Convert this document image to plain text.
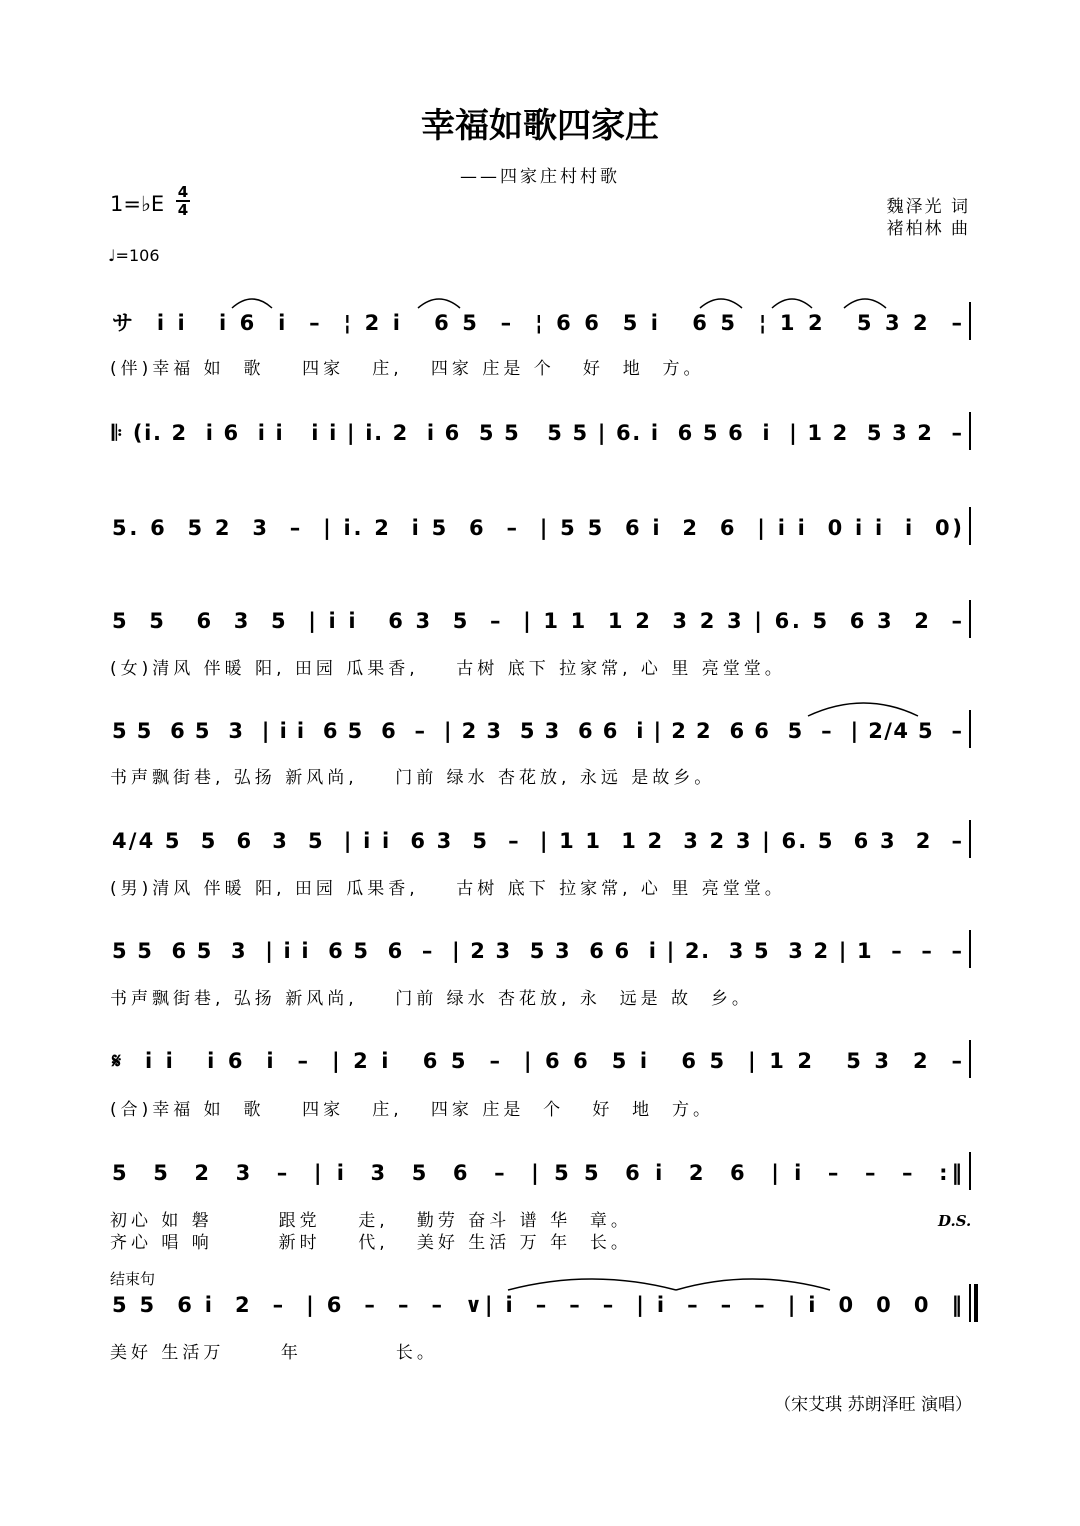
幸福如歌四家庄
——四家庄村村歌
1=♭E 4
4
♩=106
魏泽光 词
褚柏林 曲
サ  i i   i 6  i  –  ¦ 2 i   6 5  –  ¦ 6 6  5 i   6 5  ¦ 1 2   5 3 2  –
(伴)幸福 如  歌    四家   庄,   四家 庄是 个   好  地  方。
𝄆 (i. 2  i 6  i i   i i | i. 2  i 6  5 5   5 5 | 6. i  6 5 6  i  | 1 2  5 3 2  –
5. 6  5 2  3  –  | i. 2  i 5  6  –  | 5 5  6 i  2  6  | i i  0 i i  i  0)
5  5   6  3  5  | i i   6 3  5  –  | 1 1  1 2  3 2 3 | 6. 5  6 3  2  –
(女)清风 伴暖 阳, 田园 瓜果香,    古树 底下 拉家常, 心 里 亮堂堂。
5 5  6 5  3  | i i  6 5  6  –  | 2 3  5 3  6 6  i | 2 2  6 6  5  –  | 2/4 5  –
书声飘街巷, 弘扬 新风尚,    门前 绿水 杏花放, 永远 是故乡。
4/4 5  5  6  3  5  | i i  6 3  5  –  | 1 1  1 2  3 2 3 | 6. 5  6 3  2  –
(男)清风 伴暖 阳, 田园 瓜果香,    古树 底下 拉家常, 心 里 亮堂堂。
5 5  6 5  3  | i i  6 5  6  –  | 2 3  5 3  6 6  i | 2.  3 5  3 2 | 1  –  –  –
书声飘街巷, 弘扬 新风尚,    门前 绿水 杏花放, 永  远是 故  乡。
𝄋  i i   i 6  i  –  | 2 i   6 5  –  | 6 6  5 i   6 5  | 1 2   5 3  2  –
(合)幸福 如  歌    四家   庄,   四家 庄是  个   好  地  方。
5  5  2  3  –  | i  3  5  6  –  | 5 5  6 i  2  6  | i  –  –  –  :‖
初心 如 磐       跟党    走,   勤劳 奋斗 谱 华  章。
齐心 唱 响       新时    代,   美好 生活 万 年  长。
5 5  6 i  2  –  | 6  –  –  –  ∨| i  –  –  –  | i  –  –  –  | i  0  0  0  ‖
美好 生活万      年          长。
D.S.
结束句
（宋艾琪 苏朗泽旺 演唱）
